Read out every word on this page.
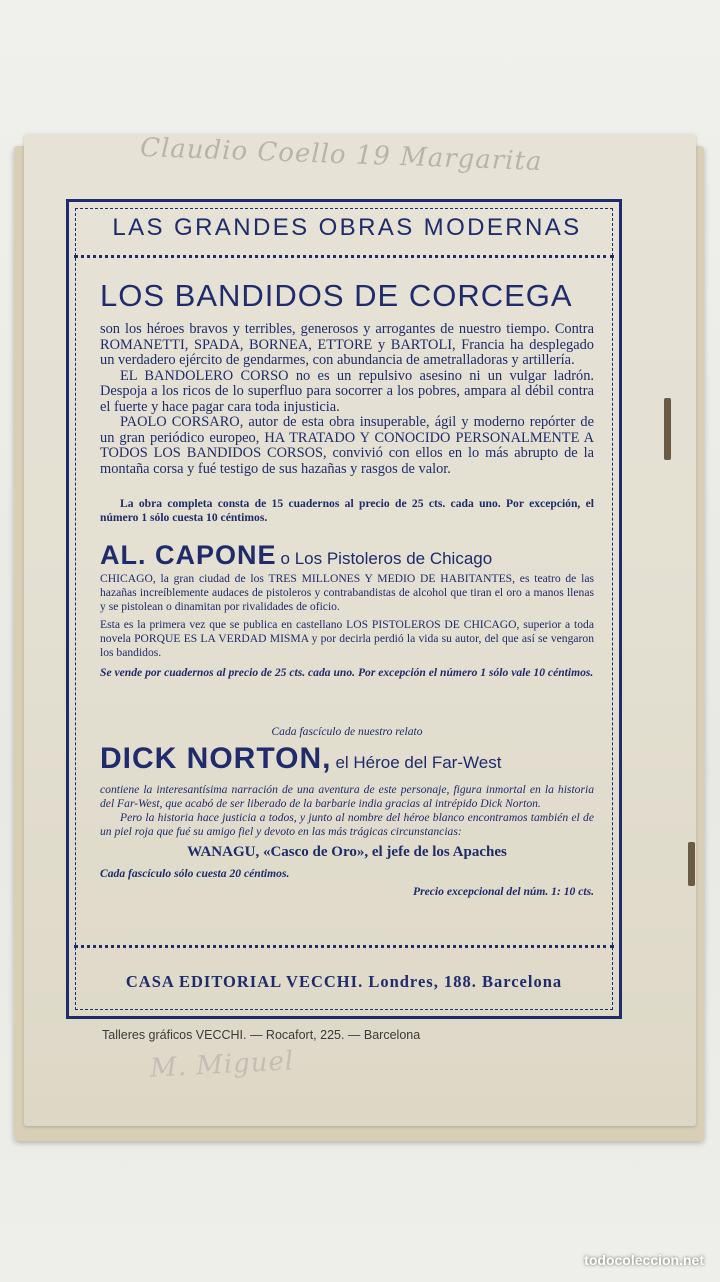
Claudio Coello 19 Margarita
M. Miguel
LAS GRANDES OBRAS MODERNAS
LOS BANDIDOS DE CORCEGA

son los héroes bravos y terribles, generosos y arrogantes de nuestro tiempo. Contra ROMANETTI, SPADA, BORNEA, ETTORE y BARTOLI, Francia ha desplegado un verdadero ejército de gendarmes, con abundancia de ametralladoras y artillería.

EL BANDOLERO CORSO no es un repulsivo asesino ni un vulgar ladrón. Despoja a los ricos de lo superfluo para socorrer a los pobres, ampara al débil contra el fuerte y hace pagar cara toda injusticia.

PAOLO CORSARO, autor de esta obra insuperable, ágil y moderno repórter de un gran periódico europeo, HA TRATADO Y CONOCIDO PERSONALMENTE A TODOS LOS BANDIDOS CORSOS, convivió con ellos en lo más abrupto de la montaña corsa y fué testigo de sus hazañas y rasgos de valor.

La obra completa consta de 15 cuadernos al precio de 25 cts. cada uno. Por excepción, el número 1 sólo cuesta 10 céntimos.

AL. CAPONE o Los Pistoleros de Chicago

CHICAGO, la gran ciudad de los TRES MILLONES Y MEDIO DE HABITANTES, es teatro de las hazañas increíblemente audaces de pistoleros y contrabandistas de alcohol que tiran el oro a manos llenas y se pistolean o dinamitan por rivalidades de oficio.

Esta es la primera vez que se publica en castellano LOS PISTOLEROS DE CHICAGO, superior a toda novela PORQUE ES LA VERDAD MISMA y por decirla perdió la vida su autor, del que así se vengaron los bandidos.

Se vende por cuadernos al precio de 25 cts. cada uno. Por excepción el número 1 sólo vale 10 céntimos.

Cada fascículo de nuestro relato
DICK NORTON, el Héroe del Far-West

contiene la interesantísima narración de una aventura de este personaje, figura inmortal en la historia del Far-West, que acabó de ser liberado de la barbarie india gracias al intrépido Dick Norton.

Pero la historia hace justicia a todos, y junto al nombre del héroe blanco encontramos también el de un piel roja que fué su amigo fiel y devoto en las más trágicas circunstancias:

WANAGU, «Casco de Oro», el jefe de los Apaches

Cada fascículo sólo cuesta 20 céntimos.

Precio excepcional del núm. 1: 10 cts.

CASA EDITORIAL VECCHI. Londres, 188. Barcelona
Talleres gráficos VECCHI. — Rocafort, 225. — Barcelona
todocoleccion.net
